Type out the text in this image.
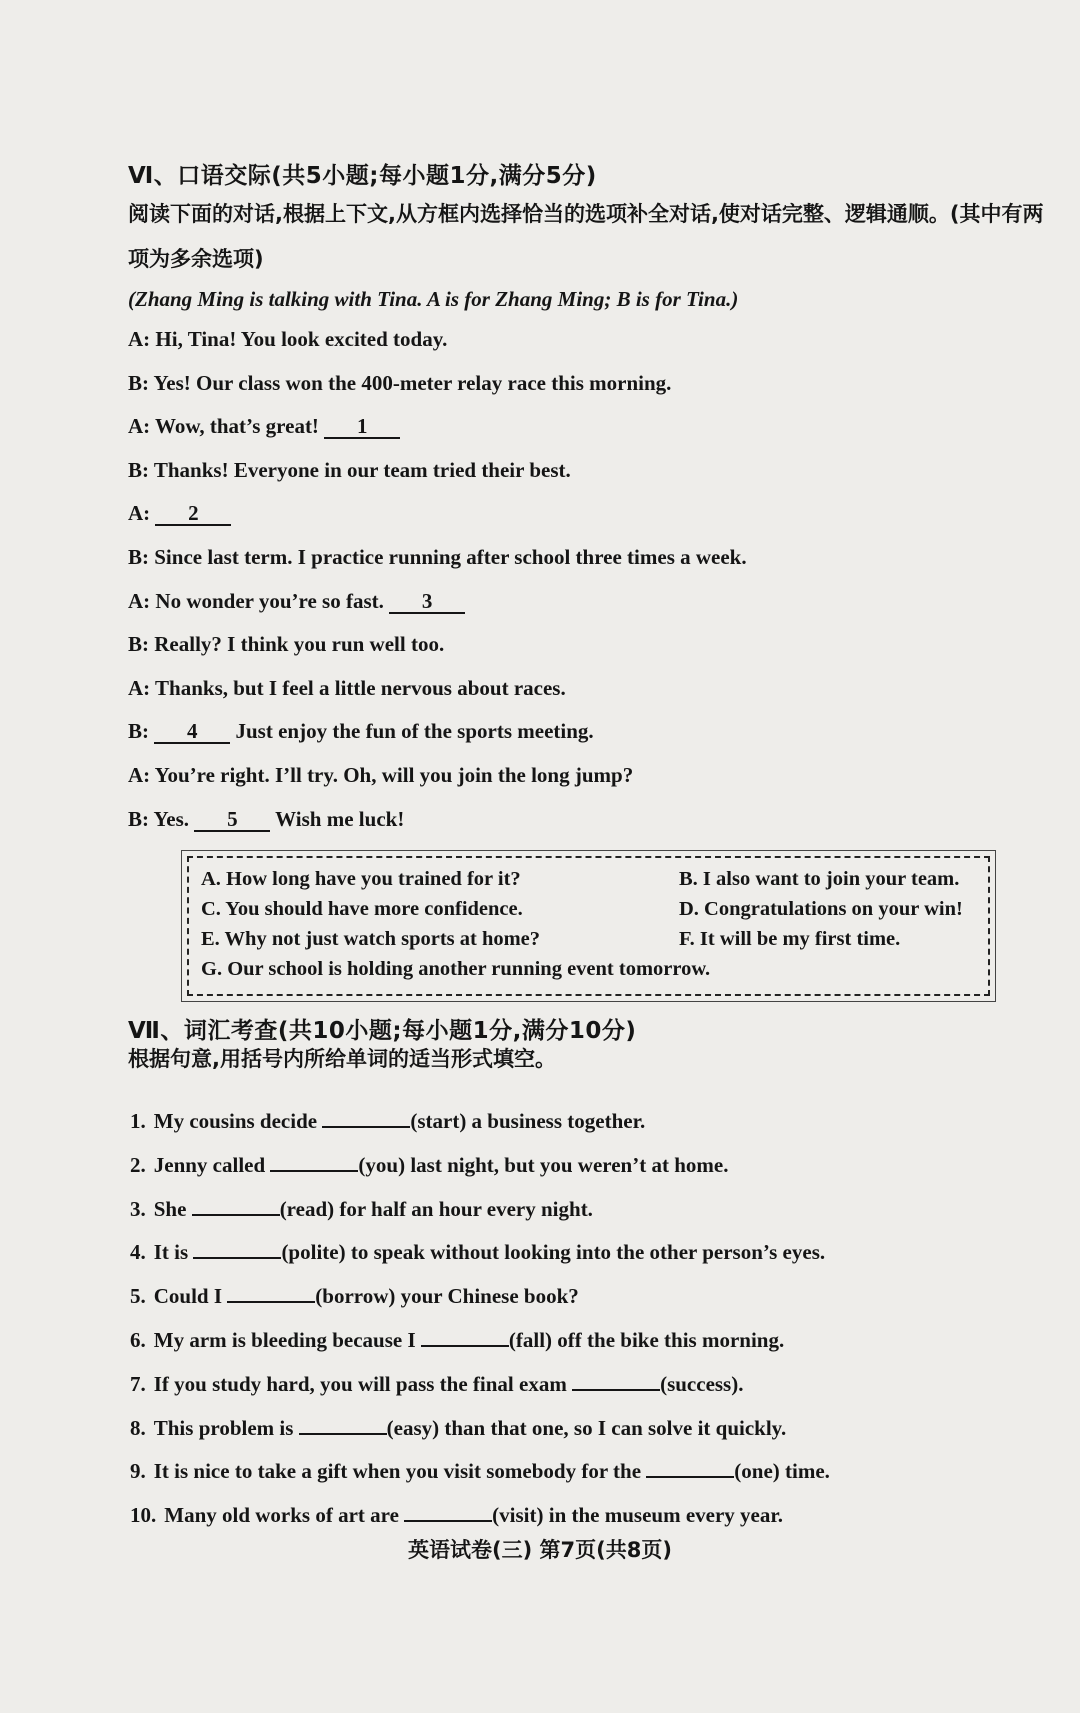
Ⅵ、口语交际(共5小题;每小题1分,满分5分)
阅读下面的对话,根据上下文,从方框内选择恰当的选项补全对话,使对话完整、逻辑通顺。(其中有两项为多余选项)
(Zhang Ming is talking with Tina. A is for Zhang Ming; B is for Tina.)
A: Hi, Tina! You look excited today.
B: Yes! Our class won the 400-meter relay race this morning.
A: Wow, that’s great! 1
B: Thanks! Everyone in our team tried their best.
A: 2
B: Since last term. I practice running after school three times a week.
A: No wonder you’re so fast. 3
B: Really? I think you run well too.
A: Thanks, but I feel a little nervous about races.
B: 4 Just enjoy the fun of the sports meeting.
A: You’re right. I’ll try. Oh, will you join the long jump?
B: Yes. 5 Wish me luck!
A. How long have you trained for it?	B. I also want to join your team.
C. You should have more confidence.	D. Congratulations on your win!
E. Why not just watch sports at home?	F. It will be my first time.
G. Our school is holding another running event tomorrow.
Ⅶ、词汇考查(共10小题;每小题1分,满分10分)
根据句意,用括号内所给单词的适当形式填空。
1. My cousins decide	(start) a business together.
2. Jenny called	(you) last night, but you weren’t at home.
3. She	(read) for half an hour every night.
4. It is	(polite) to speak without looking into the other person’s eyes.
5. Could I	(borrow) your Chinese book?
6. My arm is bleeding because I	(fall) off the bike this morning.
7. If you study hard, you will pass the final exam	(success).
8. This problem is	(easy) than that one, so I can solve it quickly.
9. It is nice to take a gift when you visit somebody for the	(one) time.
10. Many old works of art are	(visit) in the museum every year.
英语试卷(三) 第7页(共8页)
